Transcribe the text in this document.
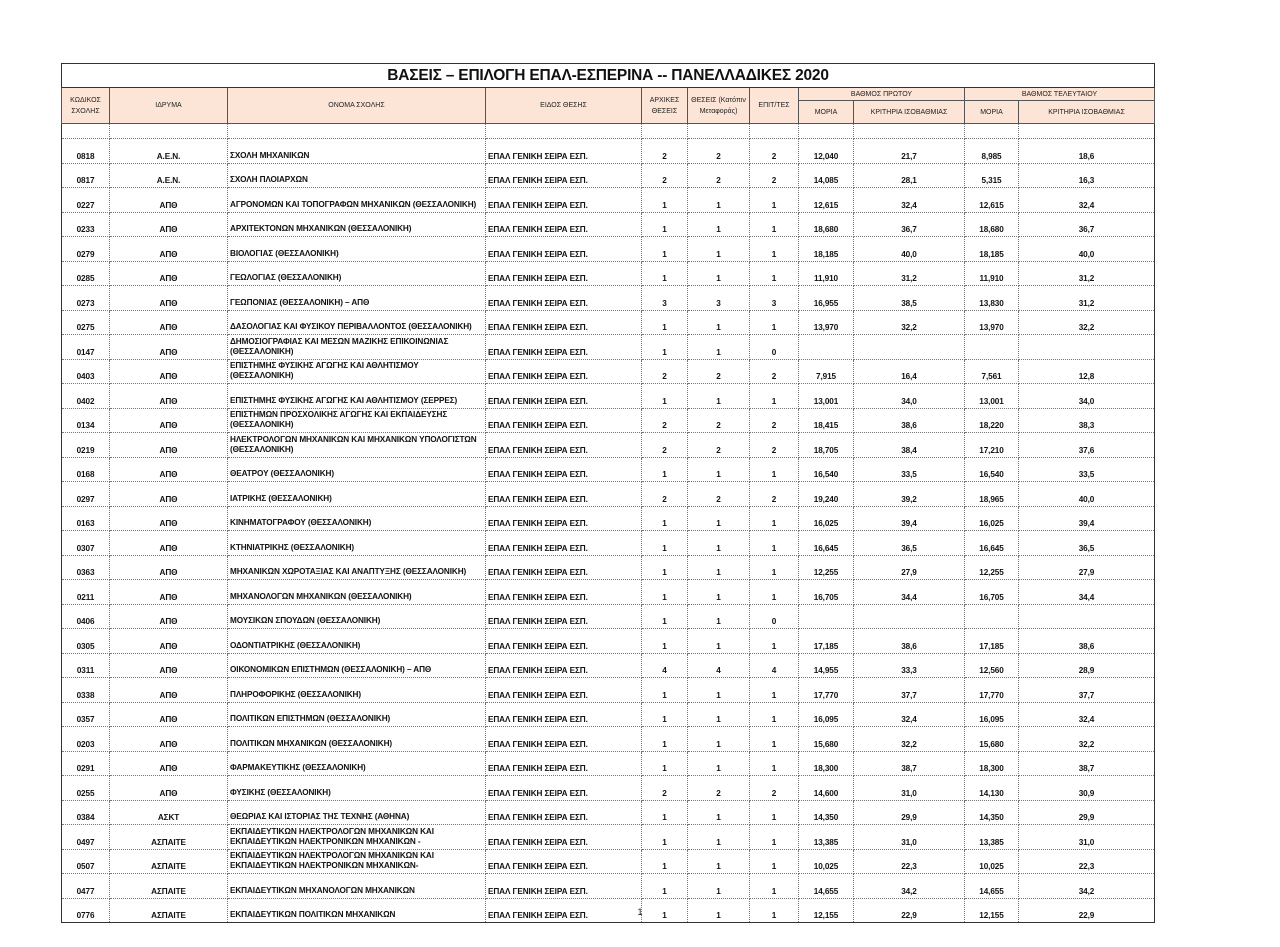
ΒΑΣΕΙΣ – ΕΠΙΛΟΓΗ ΕΠΑΛ-ΕΣΠΕΡΙΝΑ -- ΠΑΝΕΛΛΑΔΙΚΕΣ 2020										
ΚΩΔΙΚΟΣ ΣΧΟΛΗΣ	ΙΔΡΥΜΑ	ΟΝΟΜΑ ΣΧΟΛΗΣ	ΕΙΔΟΣ ΘΕΣΗΣ	ΑΡΧΙΚΕΣ ΘΕΣΕΙΣ	ΘΕΣΕΙΣ (Κατόπιν Μεταφοράς)	ΕΠΙΤ/ΤΕΣ	ΒΑΘΜΟΣ ΠΡΩΤΟΥ		ΒΑΘΜΟΣ ΤΕΛΕΥΤΑΙΟΥ	
							ΜΟΡΙΑ	ΚΡΙΤΗΡΙΑ ΙΣΟΒΑΘΜΙΑΣ	ΜΟΡΙΑ	ΚΡΙΤΗΡΙΑ ΙΣΟΒΑΘΜΙΑΣ

0818	Α.Ε.Ν.	ΣΧΟΛΗ ΜΗΧΑΝΙΚΩΝ	ΕΠΑΛ ΓΕΝΙΚΗ ΣΕΙΡΑ ΕΣΠ.	2	2	2	12,040	21,7	8,985	18,6
0817	Α.Ε.Ν.	ΣΧΟΛΗ ΠΛΟΙΑΡΧΩΝ	ΕΠΑΛ ΓΕΝΙΚΗ ΣΕΙΡΑ ΕΣΠ.	2	2	2	14,085	28,1	5,315	16,3
0227	ΑΠΘ	ΑΓΡΟΝΟΜΩΝ ΚΑΙ ΤΟΠΟΓΡΑΦΩΝ ΜΗΧΑΝΙΚΩΝ (ΘΕΣΣΑΛΟΝΙΚΗ)	ΕΠΑΛ ΓΕΝΙΚΗ ΣΕΙΡΑ ΕΣΠ.	1	1	1	12,615	32,4	12,615	32,4
0233	ΑΠΘ	ΑΡΧΙΤΕΚΤΟΝΩΝ ΜΗΧΑΝΙΚΩΝ (ΘΕΣΣΑΛΟΝΙΚΗ)	ΕΠΑΛ ΓΕΝΙΚΗ ΣΕΙΡΑ ΕΣΠ.	1	1	1	18,680	36,7	18,680	36,7
0279	ΑΠΘ	ΒΙΟΛΟΓΙΑΣ (ΘΕΣΣΑΛΟΝΙΚΗ)	ΕΠΑΛ ΓΕΝΙΚΗ ΣΕΙΡΑ ΕΣΠ.	1	1	1	18,185	40,0	18,185	40,0
0285	ΑΠΘ	ΓΕΩΛΟΓΙΑΣ (ΘΕΣΣΑΛΟΝΙΚΗ)	ΕΠΑΛ ΓΕΝΙΚΗ ΣΕΙΡΑ ΕΣΠ.	1	1	1	11,910	31,2	11,910	31,2
0273	ΑΠΘ	ΓΕΩΠΟΝΙΑΣ (ΘΕΣΣΑΛΟΝΙΚΗ) – ΑΠΘ	ΕΠΑΛ ΓΕΝΙΚΗ ΣΕΙΡΑ ΕΣΠ.	3	3	3	16,955	38,5	13,830	31,2
0275	ΑΠΘ	ΔΑΣΟΛΟΓΙΑΣ ΚΑΙ ΦΥΣΙΚΟΥ ΠΕΡΙΒΑΛΛΟΝΤΟΣ (ΘΕΣΣΑΛΟΝΙΚΗ)	ΕΠΑΛ ΓΕΝΙΚΗ ΣΕΙΡΑ ΕΣΠ.	1	1	1	13,970	32,2	13,970	32,2
0147	ΑΠΘ	ΔΗΜΟΣΙΟΓΡΑΦΙΑΣ ΚΑΙ ΜΕΣΩΝ ΜΑΖΙΚΗΣ ΕΠΙΚΟΙΝΩΝΙΑΣ (ΘΕΣΣΑΛΟΝΙΚΗ)	ΕΠΑΛ ΓΕΝΙΚΗ ΣΕΙΡΑ ΕΣΠ.	1	1	0				
0403	ΑΠΘ	ΕΠΙΣΤΗΜΗΣ ΦΥΣΙΚΗΣ ΑΓΩΓΗΣ ΚΑΙ ΑΘΛΗΤΙΣΜΟΥ (ΘΕΣΣΑΛΟΝΙΚΗ)	ΕΠΑΛ ΓΕΝΙΚΗ ΣΕΙΡΑ ΕΣΠ.	2	2	2	7,915	16,4	7,561	12,8
0402	ΑΠΘ	ΕΠΙΣΤΗΜΗΣ ΦΥΣΙΚΗΣ ΑΓΩΓΗΣ ΚΑΙ ΑΘΛΗΤΙΣΜΟΥ (ΣΕΡΡΕΣ)	ΕΠΑΛ ΓΕΝΙΚΗ ΣΕΙΡΑ ΕΣΠ.	1	1	1	13,001	34,0	13,001	34,0
0134	ΑΠΘ	ΕΠΙΣΤΗΜΩΝ ΠΡΟΣΧΟΛΙΚΗΣ ΑΓΩΓΗΣ ΚΑΙ ΕΚΠΑΙΔΕΥΣΗΣ (ΘΕΣΣΑΛΟΝΙΚΗ)	ΕΠΑΛ ΓΕΝΙΚΗ ΣΕΙΡΑ ΕΣΠ.	2	2	2	18,415	38,6	18,220	38,3
0219	ΑΠΘ	ΗΛΕΚΤΡΟΛΟΓΩΝ ΜΗΧΑΝΙΚΩΝ ΚΑΙ ΜΗΧΑΝΙΚΩΝ ΥΠΟΛΟΓΙΣΤΩΝ (ΘΕΣΣΑΛΟΝΙΚΗ)	ΕΠΑΛ ΓΕΝΙΚΗ ΣΕΙΡΑ ΕΣΠ.	2	2	2	18,705	38,4	17,210	37,6
0168	ΑΠΘ	ΘΕΑΤΡΟΥ (ΘΕΣΣΑΛΟΝΙΚΗ)	ΕΠΑΛ ΓΕΝΙΚΗ ΣΕΙΡΑ ΕΣΠ.	1	1	1	16,540	33,5	16,540	33,5
0297	ΑΠΘ	ΙΑΤΡΙΚΗΣ (ΘΕΣΣΑΛΟΝΙΚΗ)	ΕΠΑΛ ΓΕΝΙΚΗ ΣΕΙΡΑ ΕΣΠ.	2	2	2	19,240	39,2	18,965	40,0
0163	ΑΠΘ	ΚΙΝΗΜΑΤΟΓΡΑΦΟΥ (ΘΕΣΣΑΛΟΝΙΚΗ)	ΕΠΑΛ ΓΕΝΙΚΗ ΣΕΙΡΑ ΕΣΠ.	1	1	1	16,025	39,4	16,025	39,4
0307	ΑΠΘ	ΚΤΗΝΙΑΤΡΙΚΗΣ (ΘΕΣΣΑΛΟΝΙΚΗ)	ΕΠΑΛ ΓΕΝΙΚΗ ΣΕΙΡΑ ΕΣΠ.	1	1	1	16,645	36,5	16,645	36,5
0363	ΑΠΘ	ΜΗΧΑΝΙΚΩΝ ΧΩΡΟΤΑΞΙΑΣ ΚΑΙ ΑΝΑΠΤΥΞΗΣ (ΘΕΣΣΑΛΟΝΙΚΗ)	ΕΠΑΛ ΓΕΝΙΚΗ ΣΕΙΡΑ ΕΣΠ.	1	1	1	12,255	27,9	12,255	27,9
0211	ΑΠΘ	ΜΗΧΑΝΟΛΟΓΩΝ ΜΗΧΑΝΙΚΩΝ (ΘΕΣΣΑΛΟΝΙΚΗ)	ΕΠΑΛ ΓΕΝΙΚΗ ΣΕΙΡΑ ΕΣΠ.	1	1	1	16,705	34,4	16,705	34,4
0406	ΑΠΘ	ΜΟΥΣΙΚΩΝ ΣΠΟΥΔΩΝ (ΘΕΣΣΑΛΟΝΙΚΗ)	ΕΠΑΛ ΓΕΝΙΚΗ ΣΕΙΡΑ ΕΣΠ.	1	1	0				
0305	ΑΠΘ	ΟΔΟΝΤΙΑΤΡΙΚΗΣ (ΘΕΣΣΑΛΟΝΙΚΗ)	ΕΠΑΛ ΓΕΝΙΚΗ ΣΕΙΡΑ ΕΣΠ.	1	1	1	17,185	38,6	17,185	38,6
0311	ΑΠΘ	ΟΙΚΟΝΟΜΙΚΩΝ ΕΠΙΣΤΗΜΩΝ (ΘΕΣΣΑΛΟΝΙΚΗ) – ΑΠΘ	ΕΠΑΛ ΓΕΝΙΚΗ ΣΕΙΡΑ ΕΣΠ.	4	4	4	14,955	33,3	12,560	28,9
0338	ΑΠΘ	ΠΛΗΡΟΦΟΡΙΚΗΣ (ΘΕΣΣΑΛΟΝΙΚΗ)	ΕΠΑΛ ΓΕΝΙΚΗ ΣΕΙΡΑ ΕΣΠ.	1	1	1	17,770	37,7	17,770	37,7
0357	ΑΠΘ	ΠΟΛΙΤΙΚΩΝ ΕΠΙΣΤΗΜΩΝ (ΘΕΣΣΑΛΟΝΙΚΗ)	ΕΠΑΛ ΓΕΝΙΚΗ ΣΕΙΡΑ ΕΣΠ.	1	1	1	16,095	32,4	16,095	32,4
0203	ΑΠΘ	ΠΟΛΙΤΙΚΩΝ ΜΗΧΑΝΙΚΩΝ (ΘΕΣΣΑΛΟΝΙΚΗ)	ΕΠΑΛ ΓΕΝΙΚΗ ΣΕΙΡΑ ΕΣΠ.	1	1	1	15,680	32,2	15,680	32,2
0291	ΑΠΘ	ΦΑΡΜΑΚΕΥΤΙΚΗΣ (ΘΕΣΣΑΛΟΝΙΚΗ)	ΕΠΑΛ ΓΕΝΙΚΗ ΣΕΙΡΑ ΕΣΠ.	1	1	1	18,300	38,7	18,300	38,7
0255	ΑΠΘ	ΦΥΣΙΚΗΣ (ΘΕΣΣΑΛΟΝΙΚΗ)	ΕΠΑΛ ΓΕΝΙΚΗ ΣΕΙΡΑ ΕΣΠ.	2	2	2	14,600	31,0	14,130	30,9
0384	ΑΣΚΤ	ΘΕΩΡΙΑΣ ΚΑΙ ΙΣΤΟΡΙΑΣ ΤΗΣ ΤΕΧΝΗΣ (ΑΘΗΝΑ)	ΕΠΑΛ ΓΕΝΙΚΗ ΣΕΙΡΑ ΕΣΠ.	1	1	1	14,350	29,9	14,350	29,9
0497	ΑΣΠΑΙΤΕ	ΕΚΠΑΙΔΕΥΤΙΚΩΝ ΗΛΕΚΤΡΟΛΟΓΩΝ ΜΗΧΑΝΙΚΩΝ ΚΑΙ ΕΚΠΑΙΔΕΥΤΙΚΩΝ ΗΛΕΚΤΡΟΝΙΚΩΝ ΜΗΧΑΝΙΚΩΝ -	ΕΠΑΛ ΓΕΝΙΚΗ ΣΕΙΡΑ ΕΣΠ.	1	1	1	13,385	31,0	13,385	31,0
0507	ΑΣΠΑΙΤΕ	ΕΚΠΑΙΔΕΥΤΙΚΩΝ ΗΛΕΚΤΡΟΛΟΓΩΝ ΜΗΧΑΝΙΚΩΝ ΚΑΙ ΕΚΠΑΙΔΕΥΤΙΚΩΝ ΗΛΕΚΤΡΟΝΙΚΩΝ ΜΗΧΑΝΙΚΩΝ-	ΕΠΑΛ ΓΕΝΙΚΗ ΣΕΙΡΑ ΕΣΠ.	1	1	1	10,025	22,3	10,025	22,3
0477	ΑΣΠΑΙΤΕ	ΕΚΠΑΙΔΕΥΤΙΚΩΝ ΜΗΧΑΝΟΛΟΓΩΝ ΜΗΧΑΝΙΚΩΝ	ΕΠΑΛ ΓΕΝΙΚΗ ΣΕΙΡΑ ΕΣΠ.	1	1	1	14,655	34,2	14,655	34,2
0776	ΑΣΠΑΙΤΕ	ΕΚΠΑΙΔΕΥΤΙΚΩΝ ΠΟΛΙΤΙΚΩΝ ΜΗΧΑΝΙΚΩΝ	ΕΠΑΛ ΓΕΝΙΚΗ ΣΕΙΡΑ ΕΣΠ.	1	1	1	12,155	22,9	12,155	22,9
1
